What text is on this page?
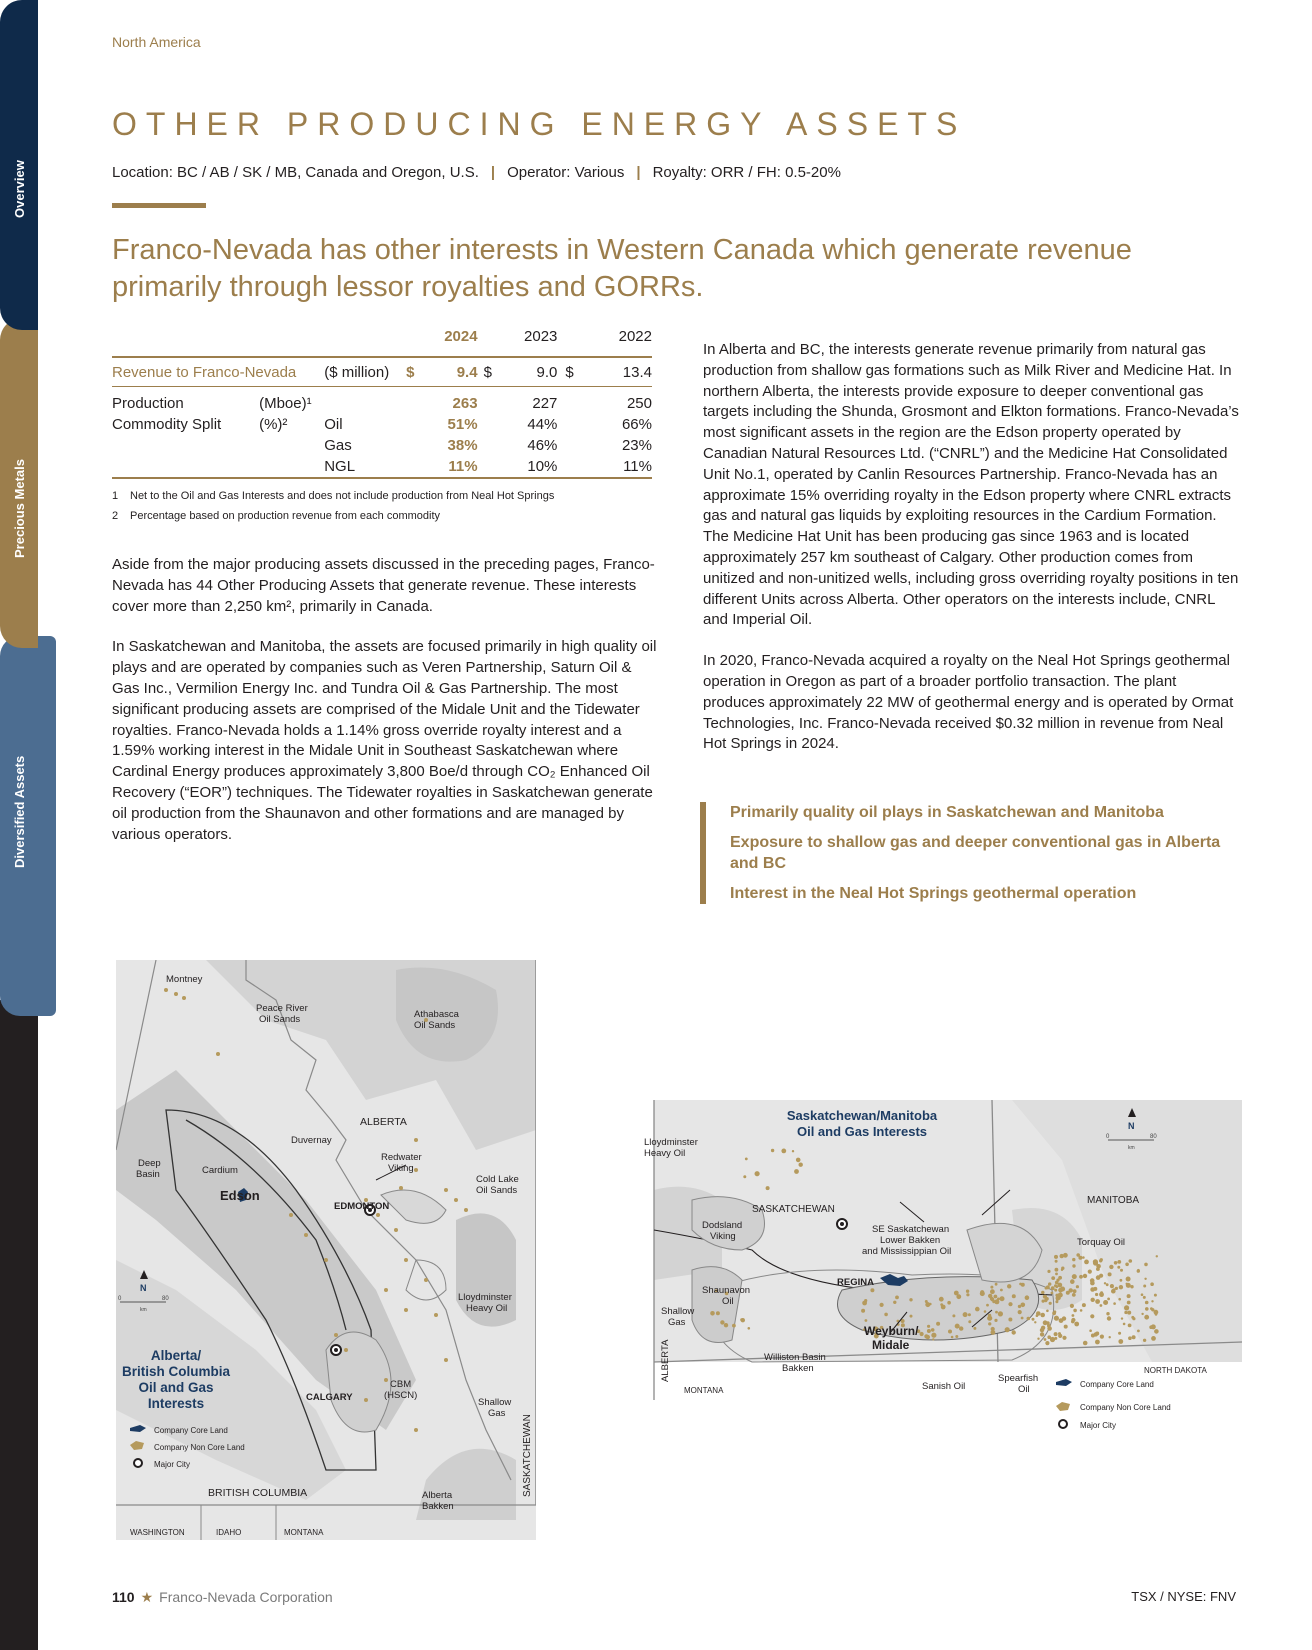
Diversified Assets
Precious Metals
Overview
North America
OTHER PRODUCING ENERGY ASSETS
Location: BC / AB / SK / MB, Canada and Oregon, U.S. | Operator: Various | Royalty: ORR / FH: 0.5-20%
Franco-Nevada has other interests in Western Canada which generate revenue primarily through lessor royalties and GORRs.
				2024		2023		2022
Revenue to Franco-Nevada		($ million)	$	9.4	$	9.0	$	13.4

Production	(Mboe)¹			263		227		250
Commodity Split	(%)²	Oil		51%		44%		66%
		Gas		38%		46%		23%
		NGL		11%		10%		11%
1 Net to the Oil and Gas Interests and does not include production from Neal Hot Springs
2 Percentage based on production revenue from each commodity

Aside from the major producing assets discussed in the preceding pages, Franco- Nevada has 44 Other Producing Assets that generate revenue. These interests cover more than 2,250 km², primarily in Canada.

In Saskatchewan and Manitoba, the assets are focused primarily in high quality oil plays and are operated by companies such as Veren Partnership, Saturn Oil & Gas Inc., Vermilion Energy Inc. and Tundra Oil & Gas Partnership. The most significant producing assets are comprised of the Midale Unit and the Tidewater royalties. Franco-Nevada holds a 1.14% gross override royalty interest and a 1.59% working interest in the Midale Unit in Southeast Saskatchewan where Cardinal Energy produces approximately 3,800 Boe/d through CO₂ Enhanced Oil Recovery (“EOR”) techniques. The Tidewater royalties in Saskatchewan generate oil production from the Shaunavon and other formations and are managed by various operators.

In Alberta and BC, the interests generate revenue primarily from natural gas production from shallow gas formations such as Milk River and Medicine Hat. In northern Alberta, the interests provide exposure to deeper conventional gas targets including the Shunda, Grosmont and Elkton formations. Franco-Nevada’s most significant assets in the region are the Edson property operated by Canadian Natural Resources Ltd. (“CNRL”) and the Medicine Hat Consolidated Unit No.1, operated by Canlin Resources Partnership. Franco-Nevada has an approximate 15% overriding royalty in the Edson property where CNRL extracts gas and natural gas liquids by exploiting resources in the Cardium Formation. The Medicine Hat Unit has been producing gas since 1963 and is located approximately 257 km southeast of Calgary. Other production comes from unitized and non-unitized wells, including gross overriding royalty positions in ten different Units across Alberta. Other operators on the interests include, CNRL and Imperial Oil.

In 2020, Franco-Nevada acquired a royalty on the Neal Hot Springs geothermal operation in Oregon as part of a broader portfolio transaction. The plant produces approximately 22 MW of geothermal energy and is operated by Ormat Technologies, Inc. Franco-Nevada received $0.32 million in revenue from Neal Hot Springs in 2024.

Primarily quality oil plays in Saskatchewan and Manitoba
Exposure to shallow gas and deeper conventional gas in Alberta and BC
Interest in the Neal Hot Springs geothermal operation
Montney
Peace River
Oil Sands	Athabasca
Oil Sands
ALBERTA
Duvernay
Deep
Basin	Cardium
Redwater
Viking
Cold Lake
Oil Sands
Edson
EDMONTON
Lloydminster
Heavy Oil
CALGARY
CBM
(HSCN)
Shallow
Gas
SASKATCHEWAN
BRITISH COLUMBIA	Alberta
Bakken
WASHINGTON	IDAHO	MONTANA
N
0	80
km
Alberta/
British Columbia
Oil and Gas
Interests
Company Core Land
Company Non Core Land
Major City
Lloydminster
Heavy Oil
SASKATCHEWAN
MANITOBA
Dodsland
Viking
SE Saskatchewan
Lower Bakken
and Mississippian Oil
Torquay Oil
REGINA
Shaunavon
Oil
Shallow
Gas
Weyburn/
Midale
Williston Basin
Bakken
ALBERTA
MONTANA
NORTH DAKOTA
Sanish Oil
Spearfish
Oil
Saskatchewan/Manitoba
Oil and Gas Interests	N
0	80
km
Company Core Land
Company Non Core Land
Major City
110 ★ Franco-Nevada Corporation	TSX / NYSE: FNV
